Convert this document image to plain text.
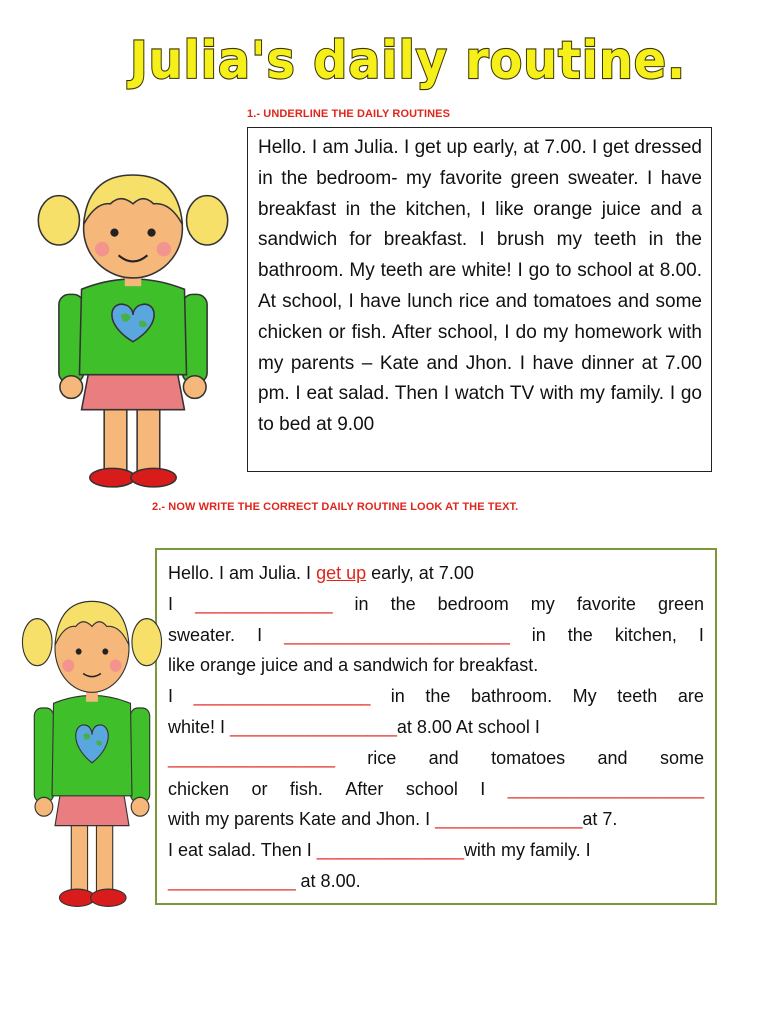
Julia's daily routine.
1.- UNDERLINE THE DAILY ROUTINES

Hello. I am Julia. I get up early, at 7.00. I get dressed in the bedroom- my favorite green sweater. I have breakfast in the kitchen, I like orange juice and a sandwich for breakfast. I brush my teeth in the bathroom. My teeth are white! I go to school at 8.00. At school, I have lunch rice and tomatoes and some chicken or fish. After school, I do my homework with my parents – Kate and Jhon. I have dinner at 7.00 pm. I eat salad. Then I watch TV with my family. I go to bed at 9.00

2.- NOW WRITE THE CORRECT DAILY ROUTINE LOOK AT THE TEXT.
Hello. I am Julia. I get up early, at 7.00
I ______________ in the bedroom my favorite green
sweater. I _______________________ in the kitchen, I
like orange juice and a sandwich for breakfast.
I __________________ in the bathroom. My teeth are
white! I _________________at 8.00 At school I
_________________ rice and tomatoes and some
chicken or fish. After school I ____________________
with my parents Kate and Jhon. I _______________at 7.
I eat salad. Then I _______________with my family. I
_____________ at 8.00.
